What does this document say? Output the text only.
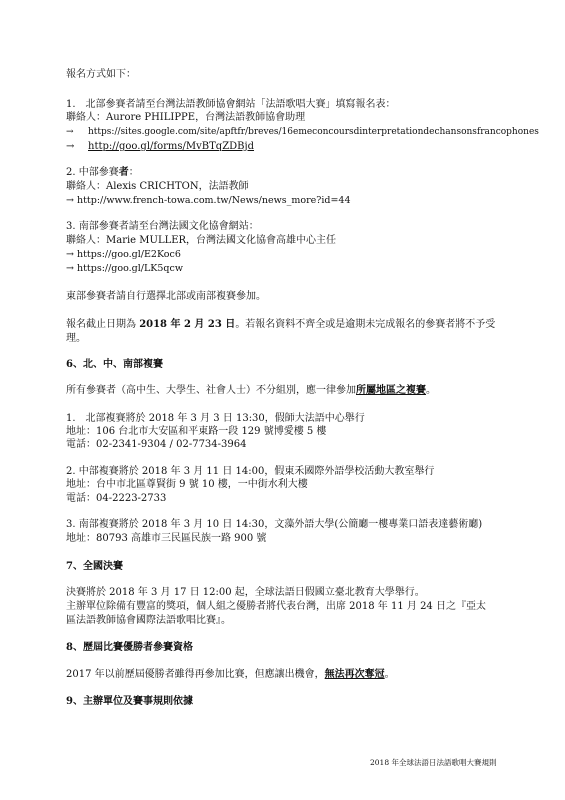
報名方式如下：
1.　北部參賽者請至台灣法語教師協會網站「法語歌唱大賽」填寫報名表：
聯絡人：Aurore PHILIPPE，台灣法語教師協會助理
→ https://sites.google.com/site/apftfr/breves/16emeconcoursdinterpretationdechansonsfrancophones
→ http://goo.gl/forms/MvBTqZDBjd
2. 中部參賽者：
聯絡人：Alexis CRICHTON，法語教師
→ http://www.french-towa.com.tw/News/news_more?id=44
3. 南部參賽者請至台灣法國文化協會網站：
聯絡人：Marie MULLER，台灣法國文化協會高雄中心主任
→ https://goo.gl/E2Koc6
→ https://goo.gl/LK5qcw
東部參賽者請自行選擇北部或南部複賽參加。
報名截止日期為 2018 年 2 月 23 日。若報名資料不齊全或是逾期未完成報名的參賽者將不予受
理。
6、北、中、南部複賽
所有參賽者（高中生、大學生、社會人士）不分組別，應一律參加所屬地區之複賽。
1.　北部複賽將於 2018 年 3 月 3 日 13:30，假師大法語中心舉行
地址：106 台北市大安區和平東路一段 129 號博愛樓 5 樓
電話：02-2341-9304 / 02-7734-3964
2. 中部複賽將於 2018 年 3 月 11 日 14:00，假東禾國際外語學校活動大教室舉行
地址：台中市北區尊賢街 9 號 10 樓，一中街水利大樓
電話：04-2223-2733
3. 南部複賽將於 2018 年 3 月 10 日 14:30，文藻外語大學(公簡廳一樓專業口語表達藝術廳)
地址：80793 高雄市三民區民族一路 900 號
7、全國決賽
決賽將於 2018 年 3 月 17 日 12:00 起，全球法語日假國立臺北教育大學舉行。
主辦單位除備有豐富的獎項，個人組之優勝者將代表台灣，出席 2018 年 11 月 24 日之『亞太
區法語教師協會國際法語歌唱比賽』。
8、歷屆比賽優勝者參賽資格
2017 年以前歷屆優勝者雖得再參加比賽，但應讓出機會，無法再次奪冠。
9、主辦單位及賽事規則依據
2018 年全球法語日法語歌唱大賽規則
